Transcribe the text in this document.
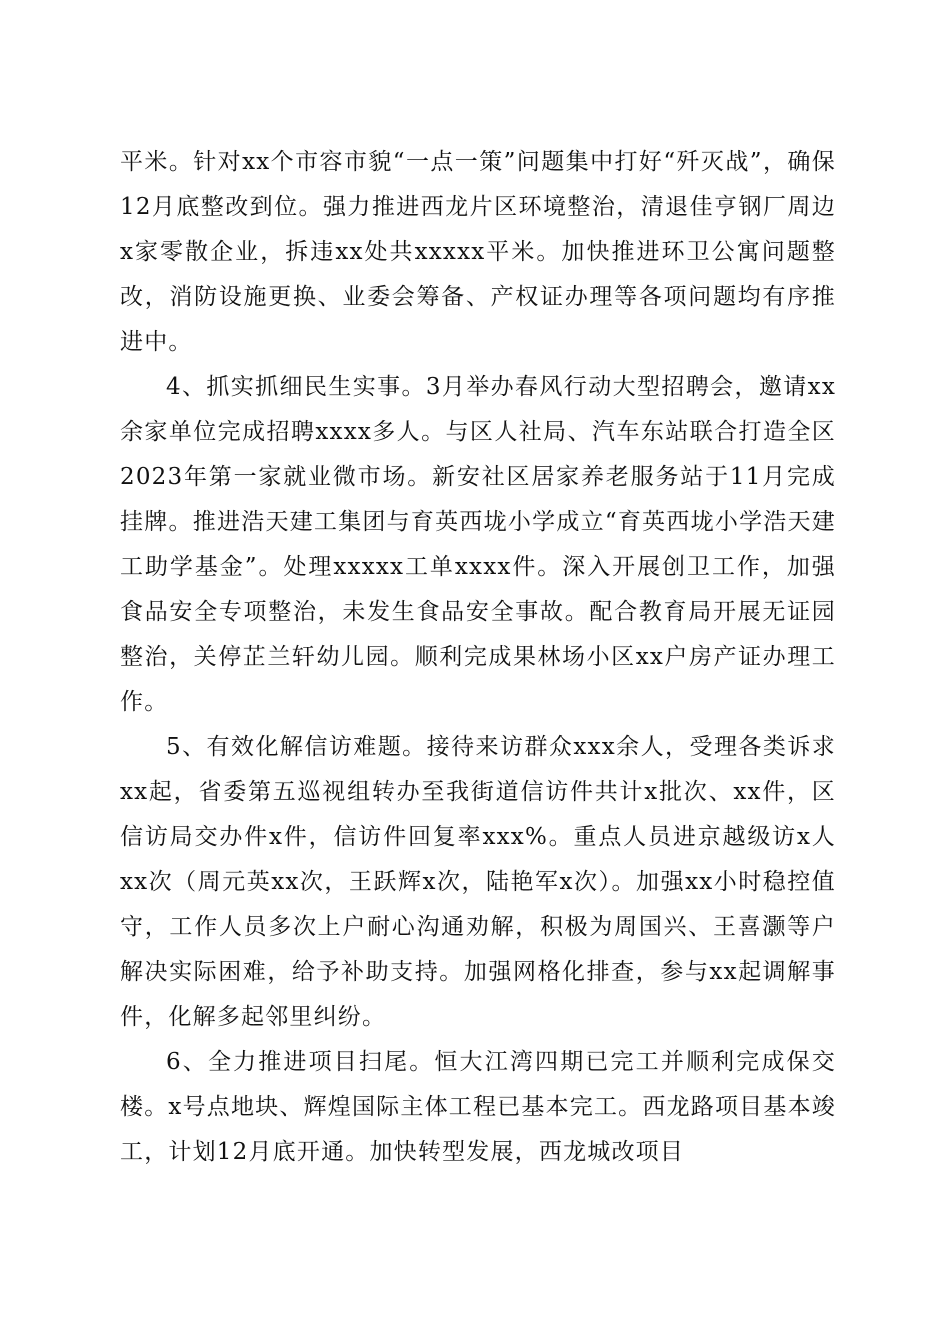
平米。针对xx个市容市貌“一点一策”问题集中打好“歼灭战”，确保12月底整改到位。强力推进西龙片区环境整治，清退佳亨钢厂周边x家零散企业，拆违xx处共xxxxx平米。加快推进环卫公寓问题整改，消防设施更换、业委会筹备、产权证办理等各项问题均有序推进中。

4、抓实抓细民生实事。3月举办春风行动大型招聘会，邀请xx余家单位完成招聘xxxx多人。与区人社局、汽车东站联合打造全区2023年第一家就业微市场。新安社区居家养老服务站于11月完成挂牌。推进浩天建工集团与育英西垅小学成立“育英西垅小学浩天建工助学基金”。处理xxxxx工单xxxx件。深入开展创卫工作，加强食品安全专项整治，未发生食品安全事故。配合教育局开展无证园整治，关停芷兰轩幼儿园。顺利完成果林场小区xx户房产证办理工作。

5、有效化解信访难题。接待来访群众xxx余人，受理各类诉求xx起，省委第五巡视组转办至我街道信访件共计x批次、xx件，区信访局交办件x件，信访件回复率xxx%。重点人员进京越级访x人xx次（周元英xx次，王跃辉x次，陆艳军x次）。加强xx小时稳控值守，工作人员多次上户耐心沟通劝解，积极为周国兴、王喜灏等户解决实际困难，给予补助支持。加强网格化排查，参与xx起调解事件，化解多起邻里纠纷。

6、全力推进项目扫尾。恒大江湾四期已完工并顺利完成保交楼。x号点地块、辉煌国际主体工程已基本完工。西龙路项目基本竣工，计划12月底开通。加快转型发展，西龙城改项目
